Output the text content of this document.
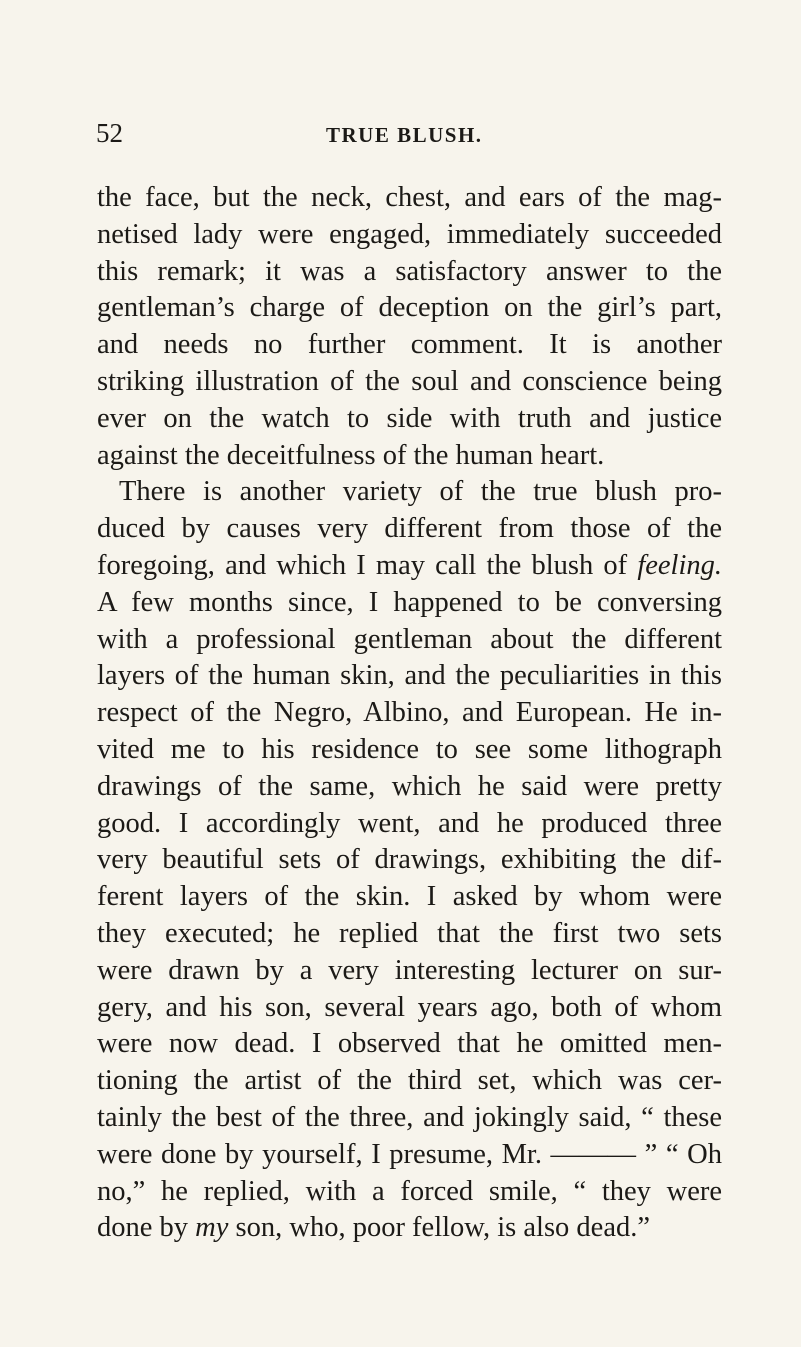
52	TRUE BLUSH.
the face, but the neck, chest, and ears of the mag-
netised lady were engaged, immediately succeeded
this remark; it was a satisfactory answer to the
gentleman’s charge of deception on the girl’s part,
and needs no further comment. It is another
striking illustration of the soul and conscience being
ever on the watch to side with truth and justice
against the deceitfulness of the human heart.
There is another variety of the true blush pro-
duced by causes very different from those of the
foregoing, and which I may call the blush of feeling.
A few months since, I happened to be conversing
with a professional gentleman about the different
layers of the human skin, and the peculiarities in this
respect of the Negro, Albino, and European. He in-
vited me to his residence to see some lithograph
drawings of the same, which he said were pretty
good. I accordingly went, and he produced three
very beautiful sets of drawings, exhibiting the dif-
ferent layers of the skin. I asked by whom were
they executed; he replied that the first two sets
were drawn by a very interesting lecturer on sur-
gery, and his son, several years ago, both of whom
were now dead. I observed that he omitted men-
tioning the artist of the third set, which was cer-
tainly the best of the three, and jokingly said, “ these
were done by yourself, I presume, Mr. ——— ” “ Oh
no,” he replied, with a forced smile, “ they were
done by my son, who, poor fellow, is also dead.”
